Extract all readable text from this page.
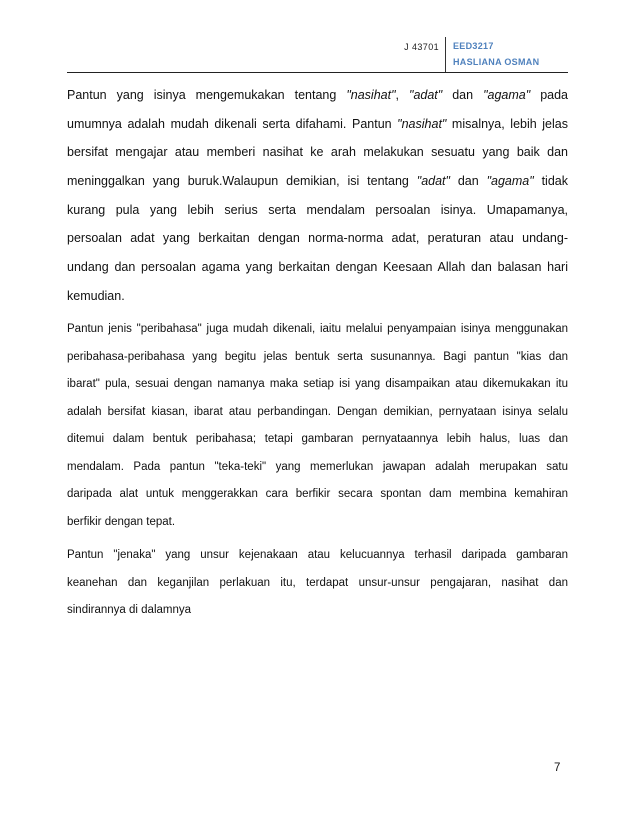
J 43701 EED3217
HASLIANA OSMAN
Pantun yang isinya mengemukakan tentang "nasihat", "adat" dan "agama" pada
umumnya adalah mudah dikenali serta difahami. Pantun "nasihat" misalnya, lebih jelas
bersifat mengajar atau memberi nasihat ke arah melakukan sesuatu yang baik dan
meninggalkan yang buruk.Walaupun demikian, isi tentang "adat" dan "agama" tidak
kurang pula yang lebih serius serta mendalam persoalan isinya. Umapamanya,
persoalan adat yang berkaitan dengan norma-norma adat, peraturan atau undang-
undang dan persoalan agama yang berkaitan dengan Keesaan Allah dan balasan hari
kemudian.
Pantun jenis "peribahasa" juga mudah dikenali, iaitu melalui penyampaian isinya menggunakan
peribahasa-peribahasa yang begitu jelas bentuk serta susunannya. Bagi pantun "kias dan
ibarat" pula, sesuai dengan namanya maka setiap isi yang disampaikan atau dikemukakan itu
adalah bersifat kiasan, ibarat atau perbandingan. Dengan demikian, pernyataan isinya selalu
ditemui dalam bentuk peribahasa; tetapi gambaran pernyataannya lebih halus, luas dan
mendalam. Pada pantun "teka-teki" yang memerlukan jawapan adalah merupakan satu
daripada alat untuk menggerakkan cara berfikir secara spontan dam membina kemahiran
berfikir dengan tepat.
Pantun "jenaka" yang unsur kejenakaan atau kelucuannya terhasil daripada gambaran
keanehan dan keganjilan perlakuan itu, terdapat unsur-unsur pengajaran, nasihat dan
sindirannya di dalamnya
7
